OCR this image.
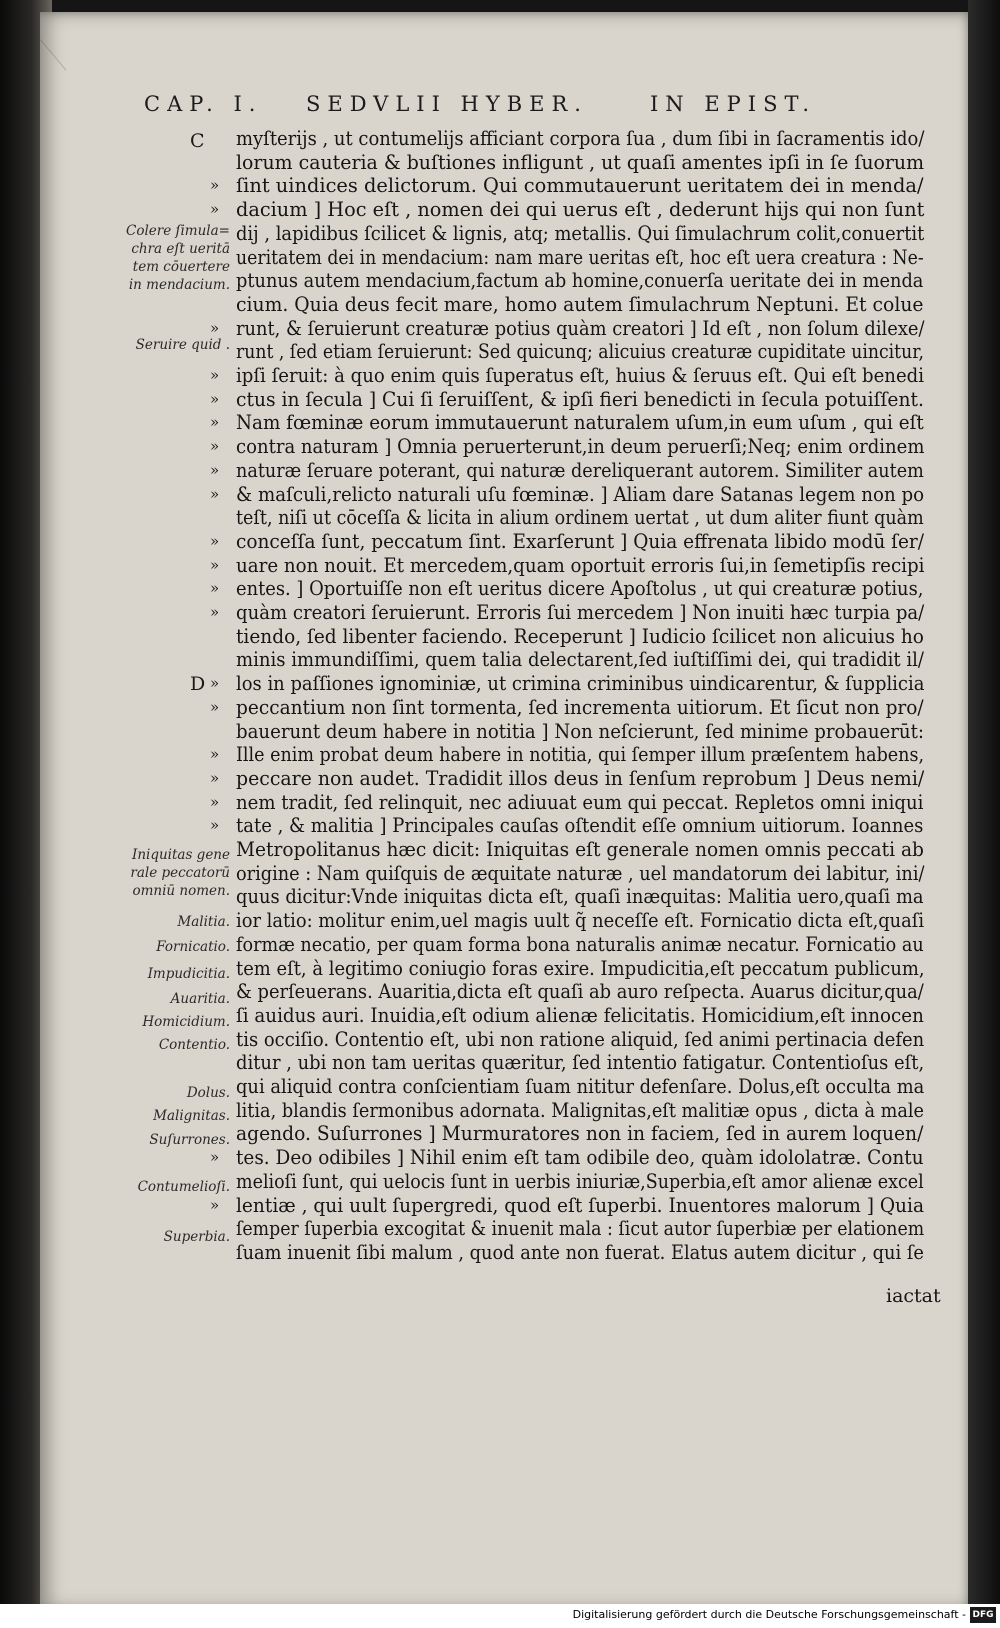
CAP. I. SEDVLII HYBER.	IN EPIST.
C
D
myſterijs , ut contumelijs afficiant corpora ſua , dum ſibi in ſacramentis ido/
lorum cauteria & buſtiones infligunt , ut quaſi amentes ipſi in ſe ſuorum
ſint uindices delictorum. Qui commutauerunt ueritatem dei in menda/
»
dacium ] Hoc eſt , nomen dei qui uerus eſt , dederunt hijs qui non ſunt
»
dij , lapidibus ſcilicet & lignis, atq; metallis. Qui ſimulachrum colit,conuertit
ueritatem dei in mendacium: nam mare ueritas eſt, hoc eſt uera creatura : Ne-
ptunus autem mendacium,factum ab homine,conuerſa ueritate dei in menda
cium. Quia deus fecit mare, homo autem ſimulachrum Neptuni. Et colue
runt, & ſeruierunt creaturæ potius quàm creatori ] Id eſt , non ſolum dilexe/
»
runt , ſed etiam ſeruierunt: Sed quicunq; alicuius creaturæ cupiditate uincitur,
ipſi ſeruit: à quo enim quis ſuperatus eſt, huius & ſeruus eſt. Qui eſt benedi
»
ctus in ſecula ] Cui ſi ſeruiſſent, & ipſi fieri benedicti in ſecula potuiſſent.
»
Nam fœminæ eorum immutauerunt naturalem uſum,in eum uſum , qui eſt
»
contra naturam ] Omnia peruerterunt,in deum peruerſi;Neq; enim ordinem
»
naturæ ſeruare poterant, qui naturæ dereliquerant autorem. Similiter autem
»
& maſculi,relicto naturali uſu fœminæ. ] Aliam dare Satanas legem non po
»
teſt, niſi ut cōceſſa & licita in alium ordinem uertat , ut dum aliter fiunt quàm
conceſſa ſunt, peccatum ſint. Exarſerunt ] Quia effrenata libido modū ſer/
»
uare non nouit. Et mercedem,quam oportuit erroris ſui,in ſemetipſis recipi
»
entes. ] Oportuiſſe non eſt ueritus dicere Apoſtolus , ut qui creaturæ potius,
»
quàm creatori ſeruierunt. Erroris ſui mercedem ] Non inuiti hæc turpia pa/
»
tiendo, ſed libenter faciendo. Receperunt ] Iudicio ſcilicet non alicuius ho
minis immundiſſimi, quem talia delectarent,ſed iuſtiſſimi dei, qui tradidit il/
los in paſſiones ignominiæ, ut crimina criminibus uindicarentur, & ſupplicia
»
peccantium non ſint tormenta, ſed incrementa uitiorum. Et ſicut non pro/
»
bauerunt deum habere in notitia ] Non neſcierunt, ſed minime probauerūt:
Ille enim probat deum habere in notitia, qui ſemper illum præſentem habens,
»
peccare non audet. Tradidit illos deus in ſenſum reprobum ] Deus nemi/
»
nem tradit, ſed relinquit, nec adiuuat eum qui peccat. Repletos omni iniqui
»
tate , & malitia ] Principales cauſas oſtendit eſſe omnium uitiorum. Ioannes
»
Metropolitanus hæc dicit: Iniquitas eſt generale nomen omnis peccati ab
origine : Nam quiſquis de æquitate naturæ , uel mandatorum dei labitur, ini/
quus dicitur:Vnde iniquitas dicta eſt, quaſi inæquitas: Malitia uero,quaſi ma
ior latio: molitur enim,uel magis uult q̃ neceſſe eſt. Fornicatio dicta eſt,quaſi
formæ necatio, per quam forma bona naturalis animæ necatur. Fornicatio au
tem eſt, à legitimo coniugio foras exire. Impudicitia,eſt peccatum publicum,
& perſeuerans. Auaritia,dicta eſt quaſi ab auro reſpecta. Auarus dicitur,qua/
ſi auidus auri. Inuidia,eſt odium alienæ felicitatis. Homicidium,eſt innocen
tis occiſio. Contentio eſt, ubi non ratione aliquid, ſed animi pertinacia defen
ditur , ubi non tam ueritas quæritur, ſed intentio fatigatur. Contentioſus eſt,
qui aliquid contra conſcientiam ſuam nititur defenſare. Dolus,eſt occulta ma
litia, blandis ſermonibus adornata. Malignitas,eſt malitiæ opus , dicta à male
agendo. Suſurrones ] Murmuratores non in faciem, ſed in aurem loquen/
tes. Deo odibiles ] Nihil enim eſt tam odibile deo, quàm idololatræ. Contu
»
melioſi ſunt, qui uelocis ſunt in uerbis iniuriæ,Superbia,eſt amor alienæ excel
lentiæ , qui uult ſupergredi, quod eſt ſuperbi. Inuentores malorum ] Quia
»
ſemper ſuperbia excogitat & inuenit mala : ſicut autor ſuperbiæ per elationem
ſuam inuenit ſibi malum , quod ante non fuerat. Elatus autem dicitur , qui ſe
Colere ſimula=
chra eſt ueritā
tem cōuertere
in mendacium.
Seruire quid .
Iniquitas gene
rale peccatorū
omniū nomen.
Malitia.
Fornicatio.
Impudicitia.
Auaritia.
Homicidium.
Contentio.
Dolus.
Malignitas.
Suſurrones.
Contumelioſi.
Superbia.
iactat
Digitalisierung gefördert durch die Deutsche Forschungsgemeinschaft - DFG
